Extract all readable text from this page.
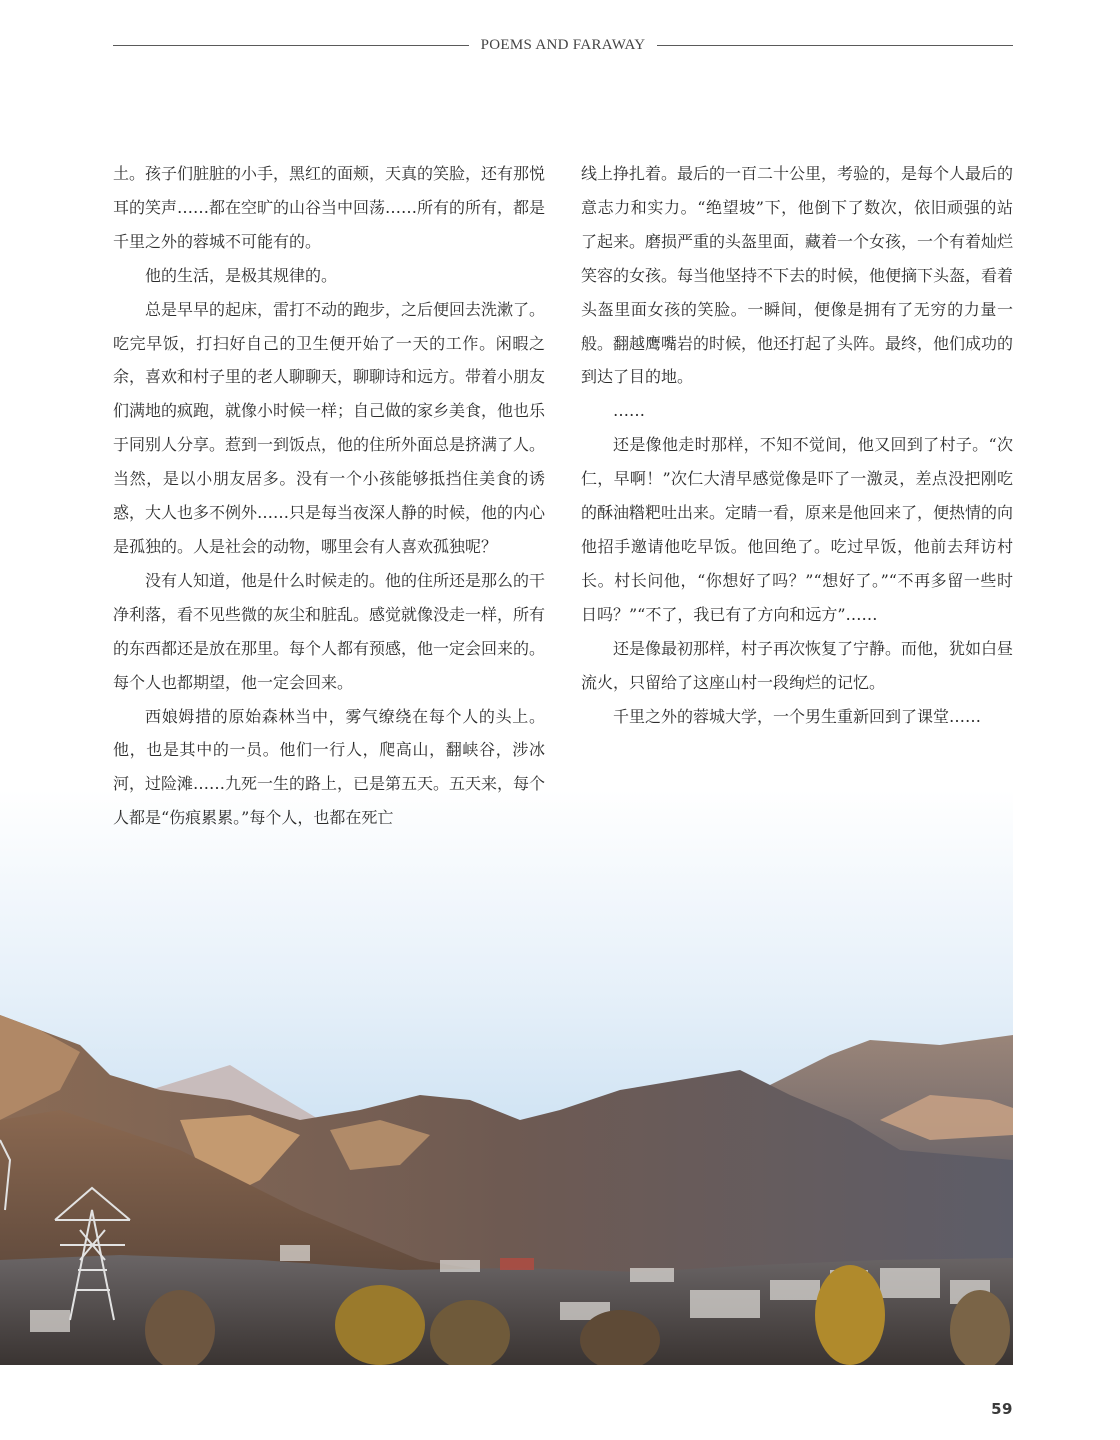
POEMS AND FARAWAY

土。孩子们脏脏的小手，黑红的面颊，天真的笑脸，还有那悦耳的笑声……都在空旷的山谷当中回荡……所有的所有，都是千里之外的蓉城不可能有的。

他的生活，是极其规律的。

总是早早的起床，雷打不动的跑步，之后便回去洗漱了。吃完早饭，打扫好自己的卫生便开始了一天的工作。闲暇之余，喜欢和村子里的老人聊聊天，聊聊诗和远方。带着小朋友们满地的疯跑，就像小时候一样；自己做的家乡美食，他也乐于同别人分享。惹到一到饭点，他的住所外面总是挤满了人。当然，是以小朋友居多。没有一个小孩能够抵挡住美食的诱惑，大人也多不例外……只是每当夜深人静的时候，他的内心是孤独的。人是社会的动物，哪里会有人喜欢孤独呢？

没有人知道，他是什么时候走的。他的住所还是那么的干净利落，看不见些微的灰尘和脏乱。感觉就像没走一样，所有的东西都还是放在那里。每个人都有预感，他一定会回来的。每个人也都期望，他一定会回来。

西娘姆措的原始森林当中，雾气缭绕在每个人的头上。他，也是其中的一员。他们一行人，爬高山，翻峡谷，涉冰河，过险滩……九死一生的路上，已是第五天。五天来，每个人都是“伤痕累累。”每个人，也都在死亡

线上挣扎着。最后的一百二十公里，考验的，是每个人最后的意志力和实力。“绝望坡”下，他倒下了数次，依旧顽强的站了起来。磨损严重的头盔里面，藏着一个女孩，一个有着灿烂笑容的女孩。每当他坚持不下去的时候，他便摘下头盔，看着头盔里面女孩的笑脸。一瞬间，便像是拥有了无穷的力量一般。翻越鹰嘴岩的时候，他还打起了头阵。最终，他们成功的到达了目的地。

……

还是像他走时那样，不知不觉间，他又回到了村子。“次仁，早啊！”次仁大清早感觉像是吓了一激灵，差点没把刚吃的酥油糌粑吐出来。定睛一看，原来是他回来了，便热情的向他招手邀请他吃早饭。他回绝了。吃过早饭，他前去拜访村长。村长问他，“你想好了吗？”“想好了。”“不再多留一些时日吗？”“不了，我已有了方向和远方”……

还是像最初那样，村子再次恢复了宁静。而他，犹如白昼流火，只留给了这座山村一段绚烂的记忆。

千里之外的蓉城大学，一个男生重新回到了课堂……

59
